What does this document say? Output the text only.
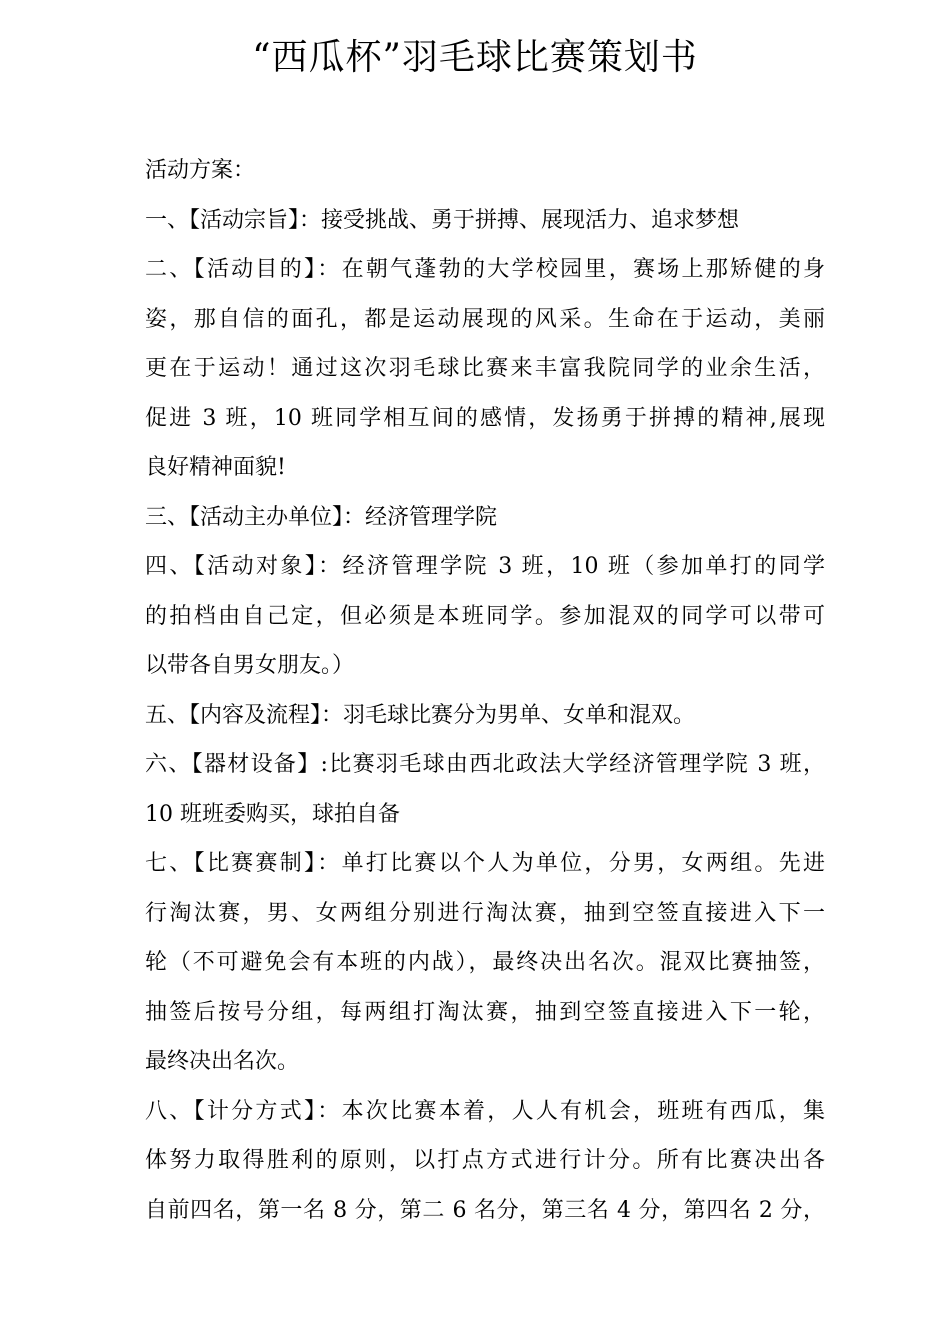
“西瓜杯”羽毛球比赛策划书
活动方案：
一、【活动宗旨】：接受挑战、勇于拼搏、展现活力、追求梦想
二、【活动目的】：在朝气蓬勃的大学校园里，赛场上那矫健的身
姿，那自信的面孔，都是运动展现的风采。生命在于运动，美丽
更在于运动！通过这次羽毛球比赛来丰富我院同学的业余生活，
促进 3 班，10 班同学相互间的感情，发扬勇于拼搏的精神,展现
良好精神面貌!
三、【活动主办单位】：经济管理学院
四、【活动对象】：经济管理学院 3 班，10 班（参加单打的同学
的拍档由自己定，但必须是本班同学。参加混双的同学可以带可
以带各自男女朋友。）
五、【内容及流程】：羽毛球比赛分为男单、女单和混双。
六、【器材设备】:比赛羽毛球由西北政法大学经济管理学院 3 班，
10 班班委购买，球拍自备
七、【比赛赛制】：单打比赛以个人为单位，分男，女两组。先进
行淘汰赛，男、女两组分别进行淘汰赛，抽到空签直接进入下一
轮（不可避免会有本班的内战），最终决出名次。混双比赛抽签，
抽签后按号分组，每两组打淘汰赛，抽到空签直接进入下一轮，
最终决出名次。
八、【计分方式】：本次比赛本着，人人有机会，班班有西瓜，集
体努力取得胜利的原则，以打点方式进行计分。所有比赛决出各
自前四名，第一名 8 分，第二 6 名分，第三名 4 分，第四名 2 分，
